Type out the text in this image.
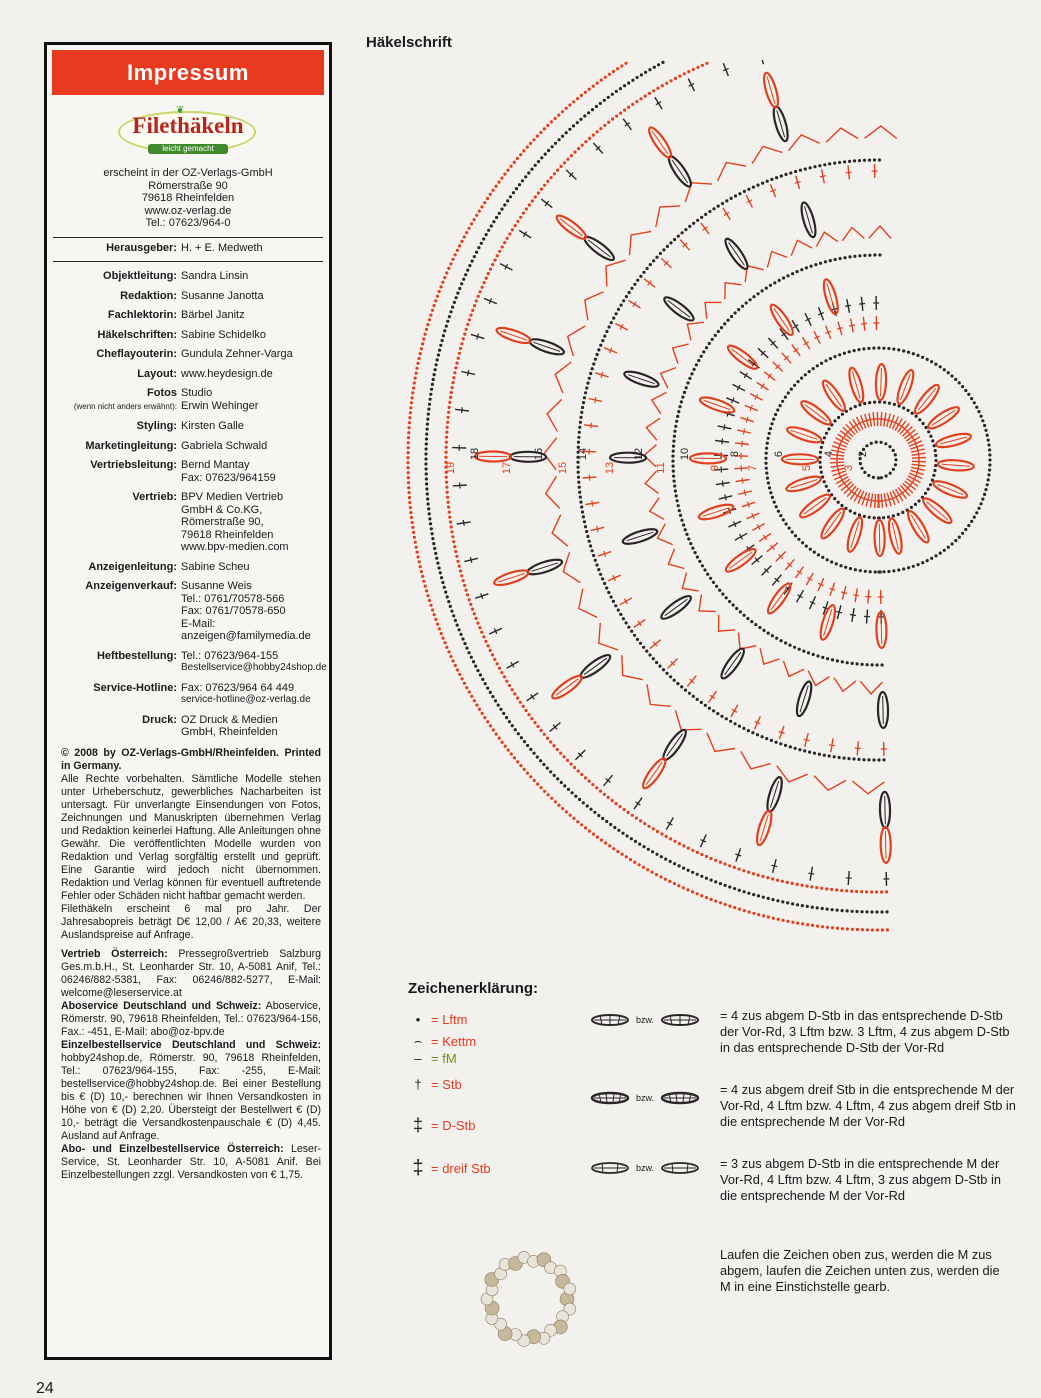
Impressum
❦
Filethäkeln
leicht gemacht
erscheint in der OZ-Verlags-GmbH
Römerstraße 90
79618 Rheinfelden
www.oz-verlag.de
Tel.: 07623/964-0
Herausgeber: H. + E. Medweth
Objektleitung: Sandra Linsin
Redaktion: Susanne Janotta
Fachlektorin: Bärbel Janitz
Häkelschriften: Sabine Schidelko
Cheflayouterin: Gundula Zehner-Varga
Layout: www.heydesign.de
Fotos
(wenn nicht anders erwähnt):
Studio
Erwin Wehinger
Styling: Kirsten Galle
Marketingleitung: Gabriela Schwald
Vertriebsleitung: Bernd Mantay
Fax: 07623/964159
Vertrieb: BPV Medien Vertrieb
GmbH & Co.KG,
Römerstraße 90,
79618 Rheinfelden
www.bpv-medien.com
Anzeigenleitung: Sabine Scheu
Anzeigenverkauf: Susanne Weis
Tel.: 0761/70578-566
Fax: 0761/70578-650
E-Mail:
anzeigen@familymedia.de
Heftbestellung: Tel.: 07623/964-155
Bestellservice@hobby24shop.de
Service-Hotline: Fax: 07623/964 64 449
service-hotline@oz-verlag.de
Druck: OZ Druck & Medien
GmbH, Rheinfelden
© 2008 by OZ-Verlags-GmbH/Rheinfelden. Printed in Germany.
Alle Rechte vorbehalten. Sämtliche Modelle stehen unter Urheberschutz, gewerbliches Nacharbeiten ist untersagt. Für unverlangte Einsendungen von Fotos, Zeichnungen und Manuskripten übernehmen Verlag und Redaktion keinerlei Haftung. Alle Anleitungen ohne Gewähr. Die veröffentlichten Modelle wurden von Redaktion und Verlag sorgfältig erstellt und geprüft. Eine Garantie wird jedoch nicht übernommen. Redaktion und Verlag können für eventuell auftretende Fehler oder Schäden nicht haftbar gemacht werden.
Filethäkeln erscheint 6 mal pro Jahr. Der Jahresabopreis beträgt D€ 12,00 / A€ 20,33, weitere Auslandspreise auf Anfrage.
Vertrieb Österreich: Pressegroßvertrieb Salzburg Ges.m.b.H., St. Leonharder Str. 10, A-5081 Anif, Tel.: 06246/882-5381, Fax: 06246/882-5277, E-Mail: welcome@leserservice.at
Aboservice Deutschland und Schweiz: Aboservice, Römerstr. 90, 79618 Rheinfelden, Tel.: 07623/964-156, Fax.: -451, E-Mail: abo@oz-bpv.de
Einzelbestellservice Deutschland und Schweiz: hobby24shop.de, Römerstr. 90, 79618 Rheinfelden, Tel.: 07623/964-155, Fax: -255, E-Mail: bestellservice@hobby24shop.de. Bei einer Bestellung bis € (D) 10,- berechnen wir Ihnen Versandkosten in Höhe von € (D) 2,20. Übersteigt der Bestellwert € (D) 10,- beträgt die Versandkostenpauschale € (D) 4,45. Ausland auf Anfrage.
Abo- und Einzelbestellservice Österreich: Leser-Service, St. Leonharder Str. 10, A-5081 Anif. Bei Einzelbestellungen zzgl. Versandkosten von € 1,75.
24
Häkelschrift
2
3
4
5
6
7
8
9
10
11
12
13
14
15
16
17
18
19
Zeichenerklärung:
• = Lftm
⌢ = Kettm
– = fM
† = Stb
‡ = D-Stb
‡ = dreif Stb
bzw.
bzw.
bzw.
= 4 zus abgem D-Stb in das entsprechende D-Stb der Vor-Rd, 3 Lftm bzw. 3 Lftm, 4 zus abgem D-Stb in das entsprechende D-Stb der Vor-Rd
= 4 zus abgem dreif Stb in die entsprechende M der Vor-Rd, 4 Lftm bzw. 4 Lftm, 4 zus abgem dreif Stb in die entsprechende M der Vor-Rd
= 3 zus abgem D-Stb in die entsprechende M der Vor-Rd, 4 Lftm bzw. 4 Lftm, 3 zus abgem D-Stb in die entsprechende M der Vor-Rd
Laufen die Zeichen oben zus, werden die M zus abgem, laufen die Zeichen unten zus, werden die M in eine Einstichstelle gearb.
